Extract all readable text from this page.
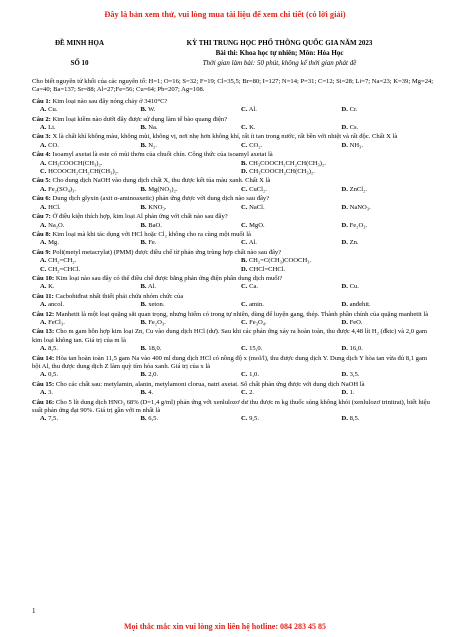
Đây là bản xem thử, vui lòng mua tài liệu để xem chi tiết (có lời giải)
ĐỀ MINH HỌA	KỲ THI TRUNG HỌC PHỔ THÔNG QUỐC GIA NĂM 2023
Bài thi: Khoa học tự nhiên; Môn: Hóa Học
SỐ 10	Thời gian làm bài: 50 phút, không kể thời gian phát đề
Cho biết nguyên tử khối của các nguyên tố: H=1; O=16; S=32; F=19; Cl=35,5; Br=80; I=127; N=14; P=31; C=12; Si=28; Li=7; Na=23; K=39; Mg=24; Ca=40; Ba=137; Sr=88; Al=27;Fe=56; Cu=64; Pb=207; Ag=108.
Câu 1: Kim loại nào sau đây nóng chảy ở 3410°C?
A. Cu.	B. W.	C. Al.	D. Cr.
Câu 2: Kim loại kiềm nào dưới đây được sử dụng làm tế bào quang điện?
A. Li.	B. Na.	C. K.	D. Cs.
Câu 3: X là chất khí không màu, không mùi, không vị, nơi nhẹ hơn không khí, rất ít tan trong nước, rất bền với nhiệt và rất độc. Chất X là
A. CO.	B. N₂.	C. CO₂.	D. NH₃.
Câu 4: Isoamyl axetat là este có mùi thơm của chuối chín. Công thức của isoamyl axetat là
A. CH₃COOCH(CH₃)₂.	B. CH₃COOCH₂CH₂CH(CH₃)₂.
C. HCOOCH₂CH₂CH(CH₃)₂.	D. CH₃COOCH₂CH(CH₃)₂.
Câu 5: Cho dung dịch NaOH vào dung dịch chất X, thu được kết tủa màu xanh. Chất X là
A. Fe₂(SO₄)₃.	B. Mg(NO₃)₂.	C. CuCl₂.	D. ZnCl₂.
Câu 6: Dung dịch glyxin (axit α-aminoaxetic) phản ứng được với dung dịch nào sau đây?
A. HCl.	B. KNO₃.	C. NaCl.	D. NaNO₃.
Câu 7: Ở điều kiện thích hợp, kim loại Al phản ứng với chất nào sau đây?
A. Na₂O.	B. BaO.	C. MgO.	D. Fe₂O₃.
Câu 8: Kim loại mà khi tác dụng với HCl hoặc Cl₂ không cho ra cùng một muối là
A. Mg.	B. Fe.	C. Al.	D. Zn.
Câu 9: Poli(metyl metacrylat) (PMM) được điều chế từ phản ứng trùng hợp chất nào sau đây?
A. CH₂=CH₂.	B. CH₂=C(CH₃)COOCH₃.
C. CH₂=CHCl.	D. CHCl=CHCl.
Câu 10: Kim loại nào sau đây có thể điều chế được bằng phản ứng điện phân dung dịch muối?
A. K.	B. Al.	C. Ca.	D. Cu.
Câu 11: Cacbohiđrat nhất thiết phải chứa nhóm chức của
A. ancol.	B. xeton.	C. amin.	D. anđehit.
Câu 12: Manhetit là một loại quặng sắt quan trọng, nhưng hiếm có trong tự nhiên, dùng để luyện gang, thép. Thành phần chính của quặng manhetit là
A. FeCl₃.	B. Fe₂O₃.	C. Fe₃O₄.	D. FeO.
Câu 13: Cho m gam hỗn hợp kim loại Zn, Cu vào dung dịch HCl (dư). Sau khi các phản ứng xảy ra hoàn toàn, thu được 4,48 lít H₂ (đktc) và 2,0 gam kim loại không tan. Giá trị của m là
A. 8,5.	B. 18,0.	C. 15,0.	D. 16,0.
Câu 14: Hòa tan hoàn toàn 11,5 gam Na vào 400 ml dung dịch HCl có nồng độ x (mol/l), thu được dung dịch Y. Dung dịch Y hòa tan vừa đủ 8,1 gam bột Al, thu được dung dịch Z làm quỳ tím hóa xanh. Giá trị của x là
A. 0,5.	B. 2,0.	C. 1,0.	D. 3,5.
Câu 15: Cho các chất sau: metylamin, alanin, metylamoni clorua, natri axetat. Số chất phản ứng được với dung dịch NaOH là
A. 3.	B. 4.	C. 2.	D. 1.
Câu 16: Cho 5 lít dung dịch HNO₃ 68% (D=1,4 g/ml) phản ứng với xenlulozơ dư thu được m kg thuốc súng không khói (xenlulozơ trinitrat), biết hiệu suất phản ứng đạt 90%. Giá trị gần với m nhất là
A. 7,5.	B. 6,5.	C. 9,5.	D. 8,5.
1
Mọi thắc mắc xin vui lòng xin liên hệ hotline: 084 283 45 85
